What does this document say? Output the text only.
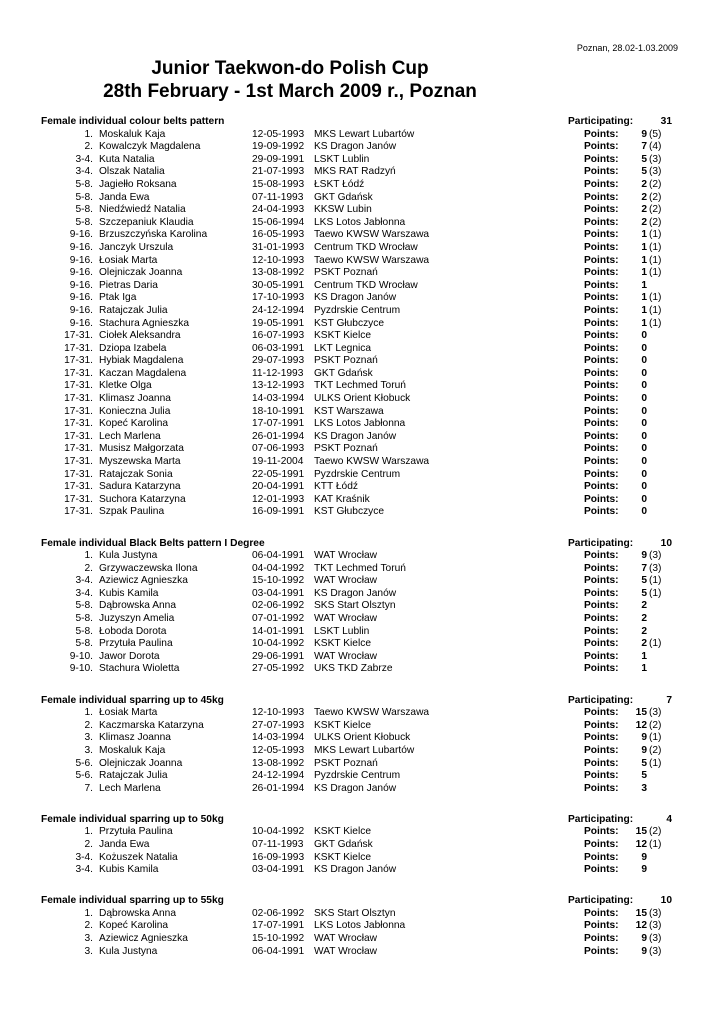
Poznan, 28.02-1.03.2009
Junior Taekwon-do Polish Cup
28th February - 1st March 2009 r., Poznan
Female individual colour belts pattern	Participating:	31
1. Moskaluk Kaja	12-05-1993 MKS Lewart Lubartów	Points:	9 (5)
2. Kowalczyk Magdalena	19-09-1992 KS Dragon Janów	Points:	7 (4)
3-4. Kuta Natalia	29-09-1991 LSKT Lublin	Points:	5 (3)
3-4. Olszak Natalia	21-07-1993 MKS RAT Radzyń	Points:	5 (3)
5-8. Jagiełło Roksana	15-08-1993 ŁSKT Łódź	Points:	2 (2)
5-8. Janda Ewa	07-11-1993 GKT Gdańsk	Points:	2 (2)
5-8. Niedźwiedź Natalia	24-04-1993 KKSW Lubin	Points:	2 (2)
5-8. Szczepaniuk Klaudia	15-06-1994 LKS Lotos Jabłonna	Points:	2 (2)
9-16. Brzuszczyńska Karolina	16-05-1993 Taewo KWSW Warszawa	Points:	1 (1)
9-16. Janczyk Urszula	31-01-1993 Centrum TKD Wrocław	Points:	1 (1)
9-16. Łosiak Marta	12-10-1993 Taewo KWSW Warszawa	Points:	1 (1)
9-16. Olejniczak Joanna	13-08-1992 PSKT Poznań	Points:	1 (1)
9-16. Pietras Daria	30-05-1991 Centrum TKD Wrocław	Points:	1
9-16. Ptak Iga	17-10-1993 KS Dragon Janów	Points:	1 (1)
9-16. Ratajczak Julia	24-12-1994 Pyzdrskie Centrum	Points:	1 (1)
9-16. Stachura Agnieszka	19-05-1991 KST Głubczyce	Points:	1 (1)
17-31. Ciołek Aleksandra	16-07-1993 KSKT Kielce	Points:	0
17-31. Dziopa Izabela	06-03-1991 LKT Legnica	Points:	0
17-31. Hybiak Magdalena	29-07-1993 PSKT Poznań	Points:	0
17-31. Kaczan Magdalena	11-12-1993 GKT Gdańsk	Points:	0
17-31. Kletke Olga	13-12-1993 TKT Lechmed Toruń	Points:	0
17-31. Klimasz Joanna	14-03-1994 ULKS Orient Kłobuck	Points:	0
17-31. Konieczna Julia	18-10-1991 KST Warszawa	Points:	0
17-31. Kopeć Karolina	17-07-1991 LKS Lotos Jabłonna	Points:	0
17-31. Lech Marlena	26-01-1994 KS Dragon Janów	Points:	0
17-31. Musisz Małgorzata	07-06-1993 PSKT Poznań	Points:	0
17-31. Myszewska Marta	19-11-2004 Taewo KWSW Warszawa	Points:	0
17-31. Ratajczak Sonia	22-05-1991 Pyzdrskie Centrum	Points:	0
17-31. Sadura Katarzyna	20-04-1991 KTT Łódź	Points:	0
17-31. Suchora Katarzyna	12-01-1993 KAT Kraśnik	Points:	0
17-31. Szpak Paulina	16-09-1991 KST Głubczyce	Points:	0
Female individual Black Belts pattern I Degree	Participating:	10
1. Kula Justyna	06-04-1991 WAT Wrocław	Points:	9 (3)
2. Grzywaczewska Ilona	04-04-1992 TKT Lechmed Toruń	Points:	7 (3)
3-4. Aziewicz Agnieszka	15-10-1992 WAT Wrocław	Points:	5 (1)
3-4. Kubis Kamila	03-04-1991 KS Dragon Janów	Points:	5 (1)
5-8. Dąbrowska Anna	02-06-1992 SKS Start Olsztyn	Points:	2
5-8. Juzyszyn Amelia	07-01-1992 WAT Wrocław	Points:	2
5-8. Łoboda Dorota	14-01-1991 LSKT Lublin	Points:	2
5-8. Przytuła Paulina	10-04-1992 KSKT Kielce	Points:	2 (1)
9-10. Jawor Dorota	29-06-1991 WAT Wrocław	Points:	1
9-10. Stachura Wioletta	27-05-1992 UKS TKD Zabrze	Points:	1
Female individual sparring up to 45kg	Participating:	7
1. Łosiak Marta	12-10-1993 Taewo KWSW Warszawa	Points:	15 (3)
2. Kaczmarska Katarzyna	27-07-1993 KSKT Kielce	Points:	12 (2)
3. Klimasz Joanna	14-03-1994 ULKS Orient Kłobuck	Points:	9 (1)
3. Moskaluk Kaja	12-05-1993 MKS Lewart Lubartów	Points:	9 (2)
5-6. Olejniczak Joanna	13-08-1992 PSKT Poznań	Points:	5 (1)
5-6. Ratajczak Julia	24-12-1994 Pyzdrskie Centrum	Points:	5
7. Lech Marlena	26-01-1994 KS Dragon Janów	Points:	3
Female individual sparring up to 50kg	Participating:	4
1. Przytuła Paulina	10-04-1992 KSKT Kielce	Points:	15 (2)
2. Janda Ewa	07-11-1993 GKT Gdańsk	Points:	12 (1)
3-4. Kożuszek Natalia	16-09-1993 KSKT Kielce	Points:	9
3-4. Kubis Kamila	03-04-1991 KS Dragon Janów	Points:	9
Female individual sparring up to 55kg	Participating:	10
1. Dąbrowska Anna	02-06-1992 SKS Start Olsztyn	Points:	15 (3)
2. Kopeć Karolina	17-07-1991 LKS Lotos Jabłonna	Points:	12 (3)
3. Aziewicz Agnieszka	15-10-1992 WAT Wrocław	Points:	9 (3)
3. Kula Justyna	06-04-1991 WAT Wrocław	Points:	9 (3)
